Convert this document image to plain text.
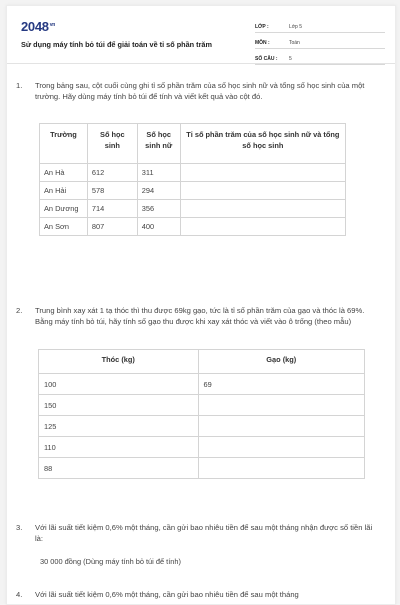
$2048^{vn}$
Sử dụng máy tính bỏ túi để giải toán về tỉ số phần trăm
LỚP :	Lớp 5
MÔN :	Toán
SỐ CÂU :	5
1.	Trong bảng sau, cột cuối cùng ghi tỉ số phần trăm của số học sinh nữ và tổng số học sinh của một trường. Hãy dùng máy tính bỏ túi để tính và viết kết quả vào cột đó.
Trường	Số học sinh	Số học sinh nữ	Tỉ số phần trăm của số học sinh nữ và tổng số học sinh
An Hà	612	311	
An Hải	578	294	
An Dương	714	356	
An Sơn	807	400	
2.	Trung bình xay xát 1 tạ thóc thì thu được 69kg gạo, tức là tỉ số phần trăm của gạo và thóc là 69%. Bằng máy tính bỏ túi, hãy tính số gạo thu được khi xay xát thóc và viết vào ô trống (theo mẫu)
Thóc (kg)	Gạo (kg)
100	69
150	
125	
110	
88	
3.	Với lãi suất tiết kiệm 0,6% một tháng, cần gửi bao nhiêu tiền để sau một tháng nhận được số tiền lãi là:
30 000 đồng (Dùng máy tính bỏ túi để tính)
4.	Với lãi suất tiết kiệm 0,6% một tháng, cần gửi bao nhiêu tiền để sau một tháng
